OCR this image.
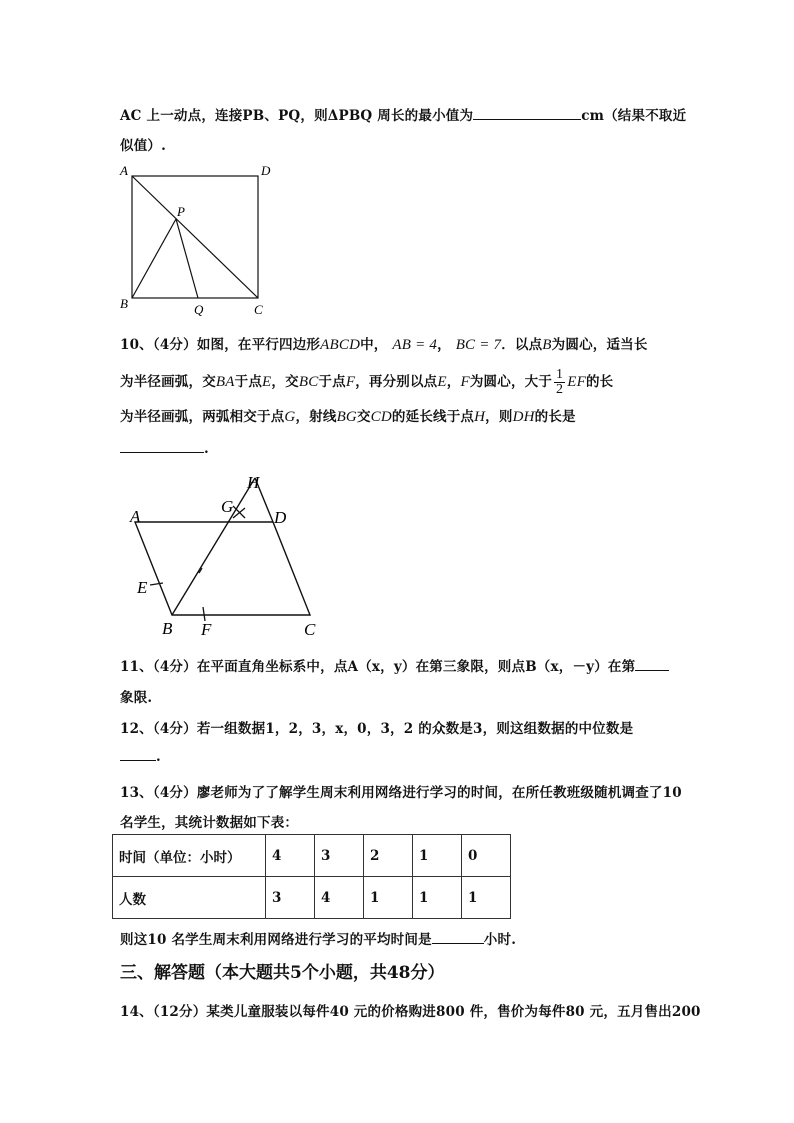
AC 上一动点，连接PB、PQ，则ΔPBQ 周长的最小值为	cm（结果不取近
似值）.
A	D
P
B	Q	C
10、（4分）如图，在平行四边形ABCD中， AB = 4， BC = 7．以点B为圆心，适当长
为半径画弧，交BA于点E，交BC于点F，再分别以点E，F为圆心，大于 $\frac{1}{2}$ EF的长
为半径画弧，两弧相交于点G，射线BG交CD的延长线于点H，则DH的长是
.
H
G
A	D
E
B F	C
11、（4分）在平面直角坐标系中，点A（x，y）在第三象限，则点B（x，－y）在第
象限.
12、（4分）若一组数据1，2，3，x，0，3，2 的众数是3，则这组数据的中位数是
.
13、（4分）廖老师为了了解学生周末利用网络进行学习的时间，在所任教班级随机调查了10
名学生，其统计数据如下表：
时间（单位：小时）	4	3	2	1	0
人数	3	4	1	1	1
则这10 名学生周末利用网络进行学习的平均时间是	小时.
三、解答题（本大题共5个小题，共48分）
14、（12分）某类儿童服装以每件40 元的价格购进800 件，售价为每件80 元，五月售出200
